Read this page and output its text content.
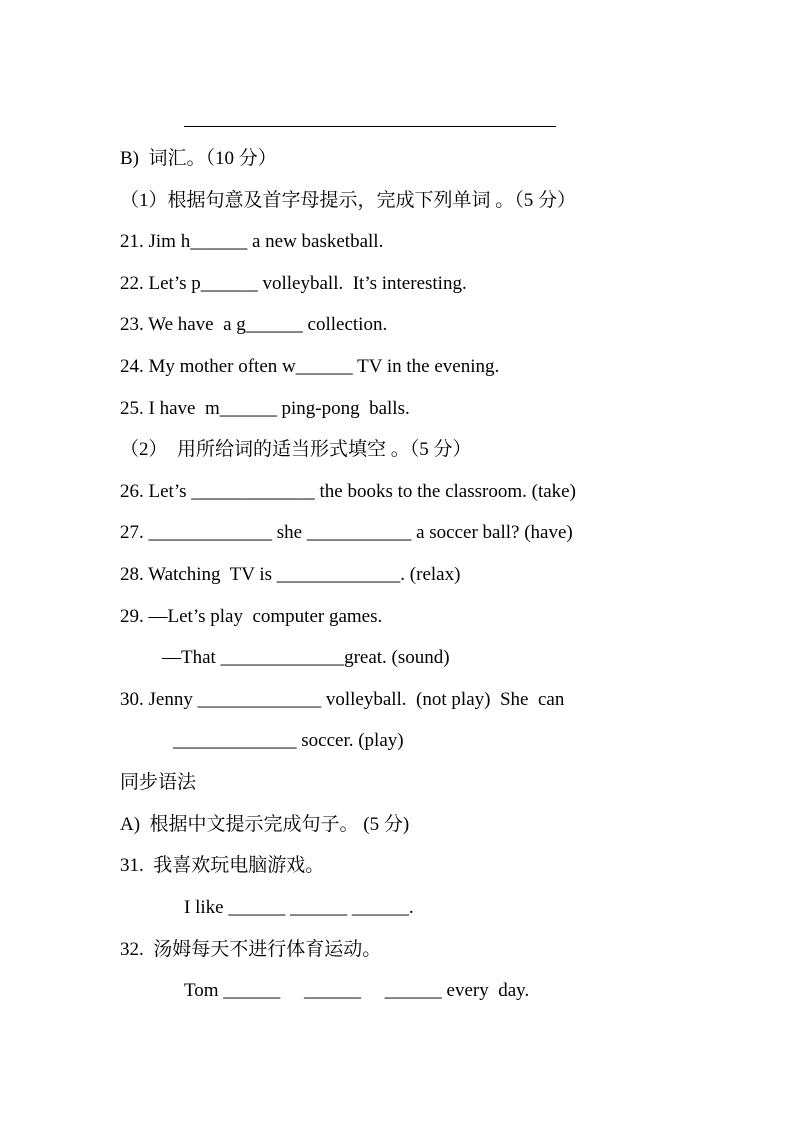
B)  词汇。（10 分）
（1）根据句意及首字母提示，完成下列单词 。（5 分）
21. Jim h______ a new basketball.
22. Let’s p______ volleyball.  It’s interesting.
23. We have  a g______ collection.
24. My mother often w______ TV in the evening.
25. I have  m______ ping-pong  balls.
（2）  用所给词的适当形式填空 。（5 分）
26. Let’s _____________ the books to the classroom. (take)
27. _____________ she ___________ a soccer ball? (have)
28. Watching  TV is _____________. (relax)
29. —Let’s play  computer games.
—That _____________great. (sound)
30. Jenny _____________ volleyball.  (not play)  She  can
_____________ soccer. (play)
同步语法
A)  根据中文提示完成句子。 (5 分)
31.  我喜欢玩电脑游戏。
I like ______ ______ ______.
32.  汤姆每天不进行体育运动。
Tom ______     ______     ______ every  day.
